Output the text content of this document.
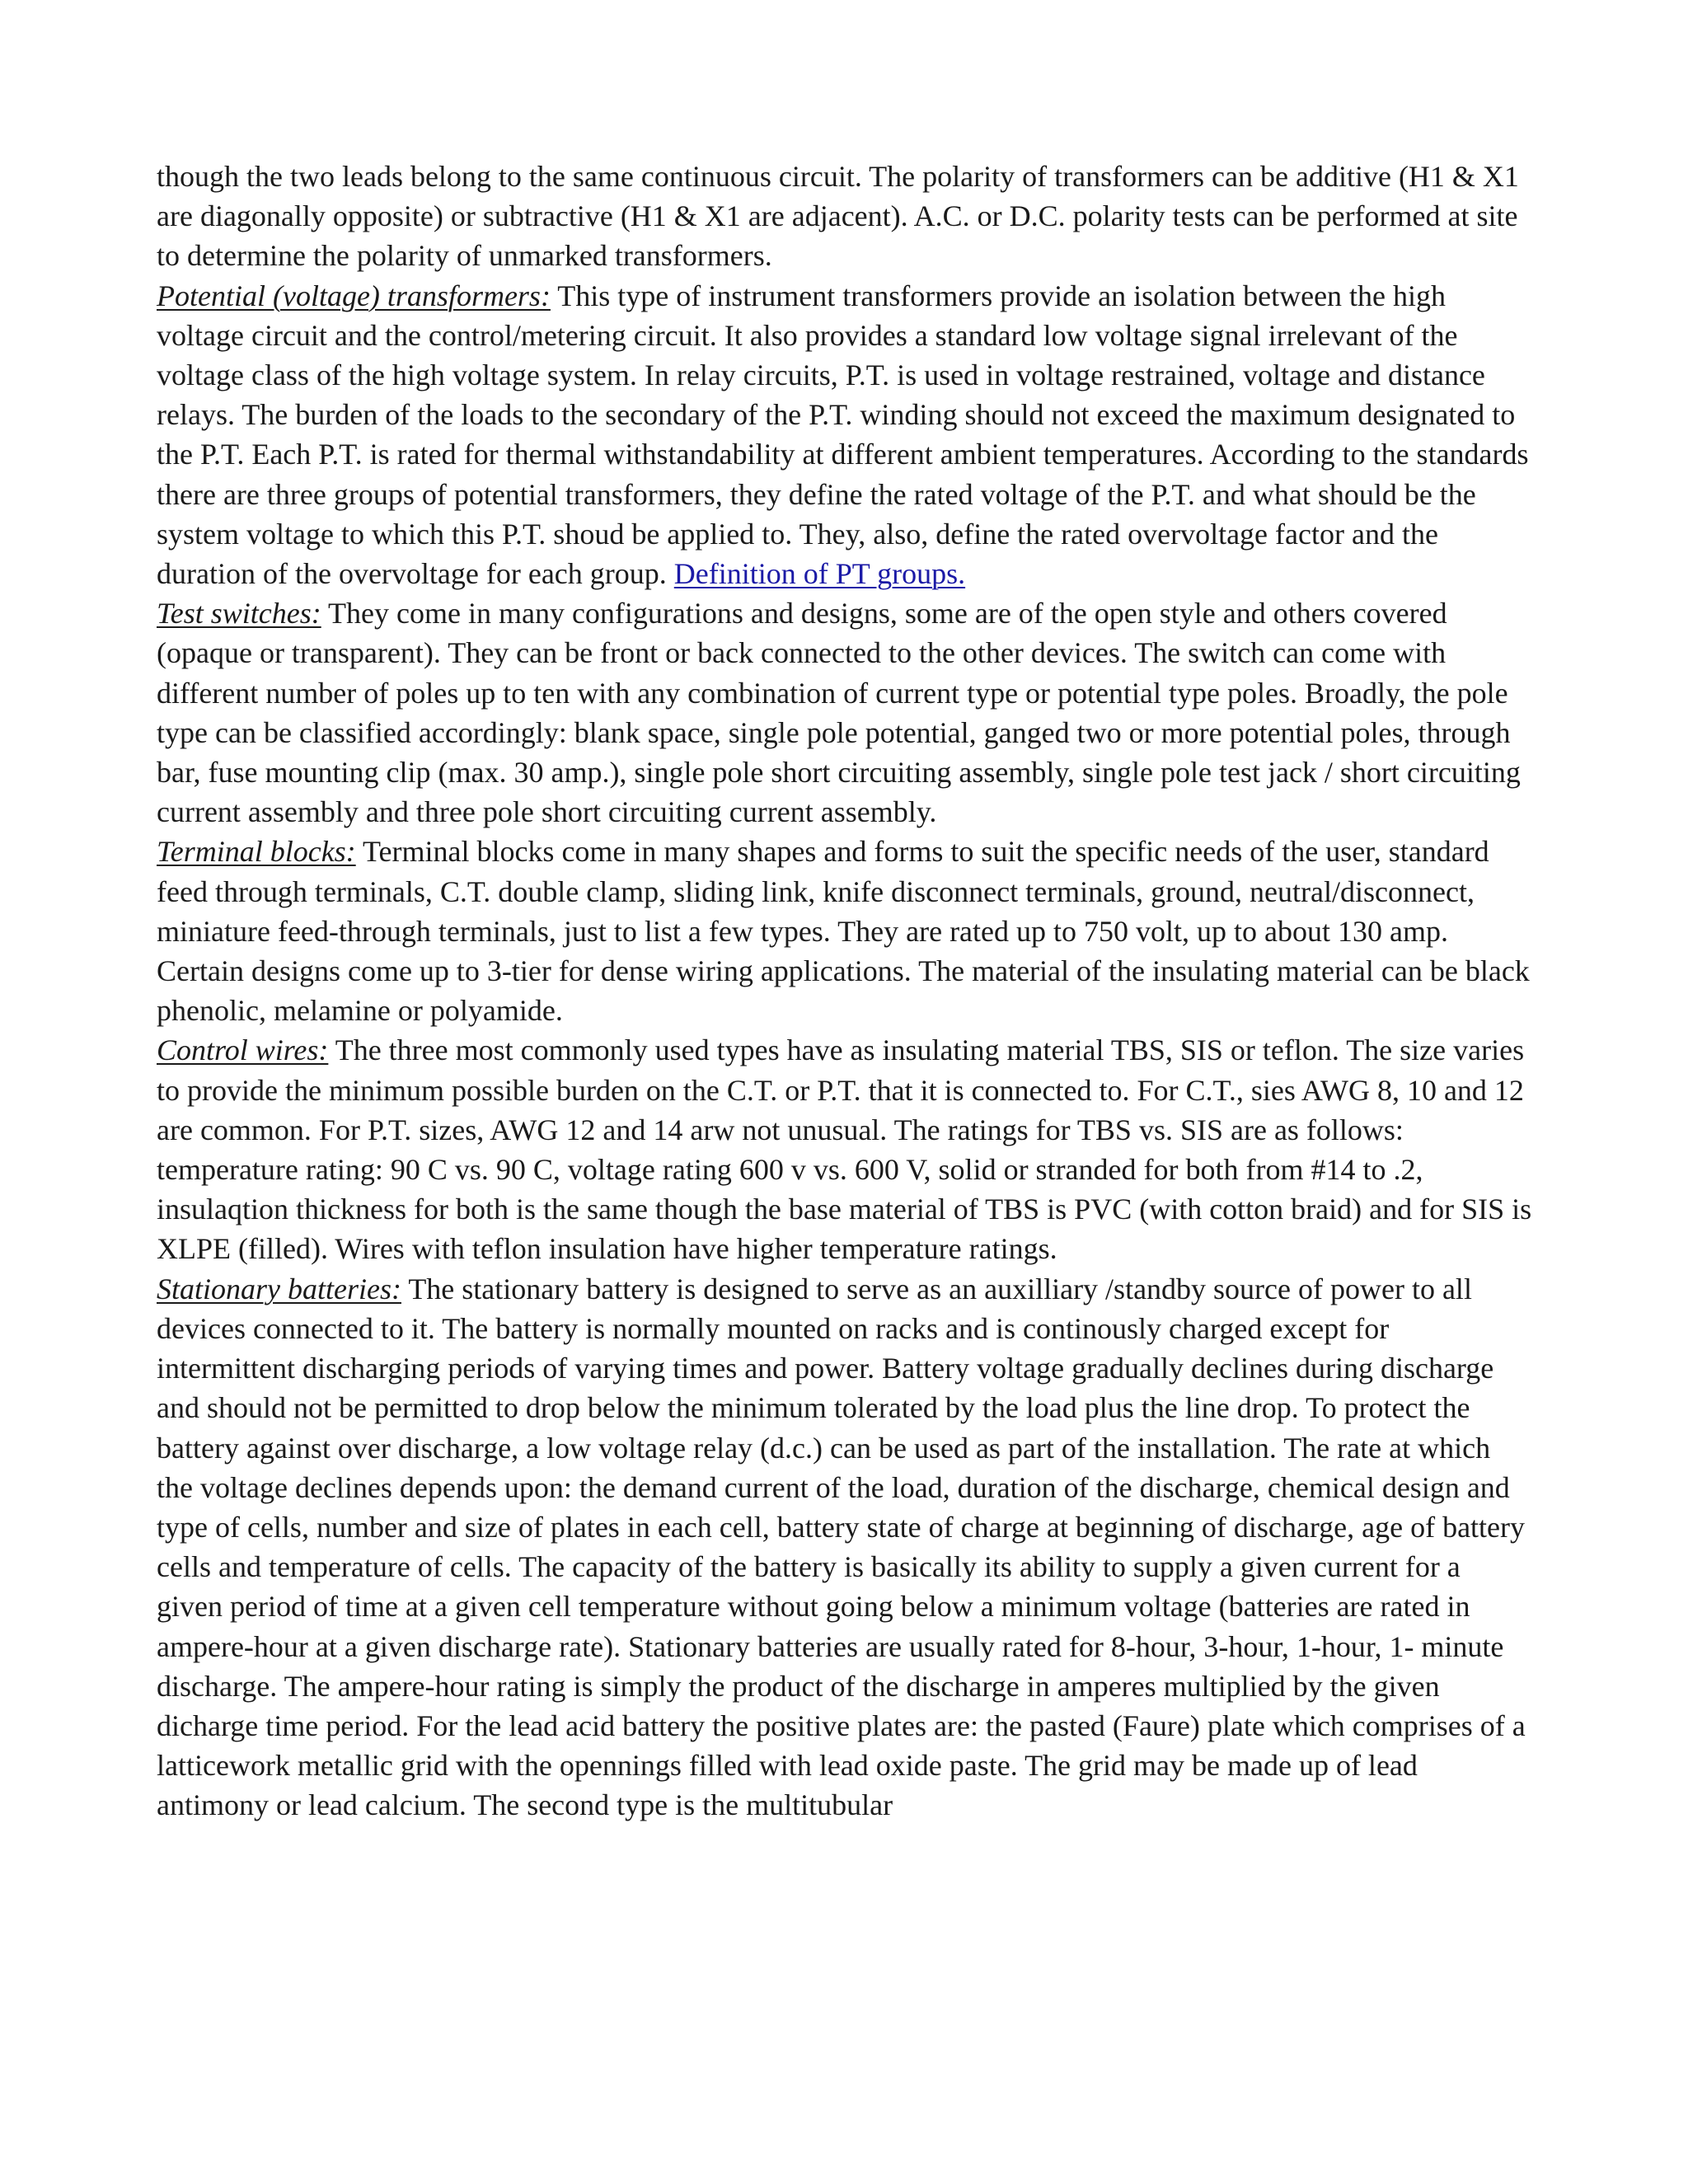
though the two leads belong to the same continuous circuit. The polarity of transformers can be additive (H1 & X1 are diagonally opposite) or subtractive (H1 & X1 are adjacent). A.C. or D.C. polarity tests can be performed at site to determine the polarity of unmarked transformers.

Potential (voltage) transformers: This type of instrument transformers provide an isolation between the high voltage circuit and the control/metering circuit. It also provides a standard low voltage signal irrelevant of the voltage class of the high voltage system. In relay circuits, P.T. is used in voltage restrained, voltage and distance relays. The burden of the loads to the secondary of the P.T. winding should not exceed the maximum designated to the P.T. Each P.T. is rated for thermal withstandability at different ambient temperatures. According to the standards there are three groups of potential transformers, they define the rated voltage of the P.T. and what should be the system voltage to which this P.T. shoud be applied to. They, also, define the rated overvoltage factor and the duration of the overvoltage for each group. Definition of PT groups.

Test switches: They come in many configurations and designs, some are of the open style and others covered (opaque or transparent). They can be front or back connected to the other devices. The switch can come with different number of poles up to ten with any combination of current type or potential type poles. Broadly, the pole type can be classified accordingly: blank space, single pole potential, ganged two or more potential poles, through bar, fuse mounting clip (max. 30 amp.), single pole short circuiting assembly, single pole test jack / short circuiting current assembly and three pole short circuiting current assembly.

Terminal blocks: Terminal blocks come in many shapes and forms to suit the specific needs of the user, standard feed through terminals, C.T. double clamp, sliding link, knife disconnect terminals, ground, neutral/disconnect, miniature feed-through terminals, just to list a few types. They are rated up to 750 volt, up to about 130 amp. Certain designs come up to 3-tier for dense wiring applications. The material of the insulating material can be black phenolic, melamine or polyamide.

Control wires: The three most commonly used types have as insulating material TBS, SIS or teflon. The size varies to provide the minimum possible burden on the C.T. or P.T. that it is connected to. For C.T., sies AWG 8, 10 and 12 are common. For P.T. sizes, AWG 12 and 14 arw not unusual. The ratings for TBS vs. SIS are as follows: temperature rating: 90 C vs. 90 C, voltage rating 600 v vs. 600 V, solid or stranded for both from #14 to .2, insulaqtion thickness for both is the same though the base material of TBS is PVC (with cotton braid) and for SIS is XLPE (filled). Wires with teflon insulation have higher temperature ratings.

Stationary batteries: The stationary battery is designed to serve as an auxilliary /standby source of power to all devices connected to it. The battery is normally mounted on racks and is continously charged except for intermittent discharging periods of varying times and power. Battery voltage gradually declines during discharge and should not be permitted to drop below the minimum tolerated by the load plus the line drop. To protect the battery against over discharge, a low voltage relay (d.c.) can be used as part of the installation. The rate at which the voltage declines depends upon: the demand current of the load, duration of the discharge, chemical design and type of cells, number and size of plates in each cell, battery state of charge at beginning of discharge, age of battery cells and temperature of cells. The capacity of the battery is basically its ability to supply a given current for a given period of time at a given cell temperature without going below a minimum voltage (batteries are rated in ampere-hour at a given discharge rate). Stationary batteries are usually rated for 8-hour, 3-hour, 1-hour, 1- minute discharge. The ampere-hour rating is simply the product of the discharge in amperes multiplied by the given dicharge time period. For the lead acid battery the positive plates are: the pasted (Faure) plate which comprises of a latticework metallic grid with the opennings filled with lead oxide paste. The grid may be made up of lead antimony or lead calcium. The second type is the multitubular
